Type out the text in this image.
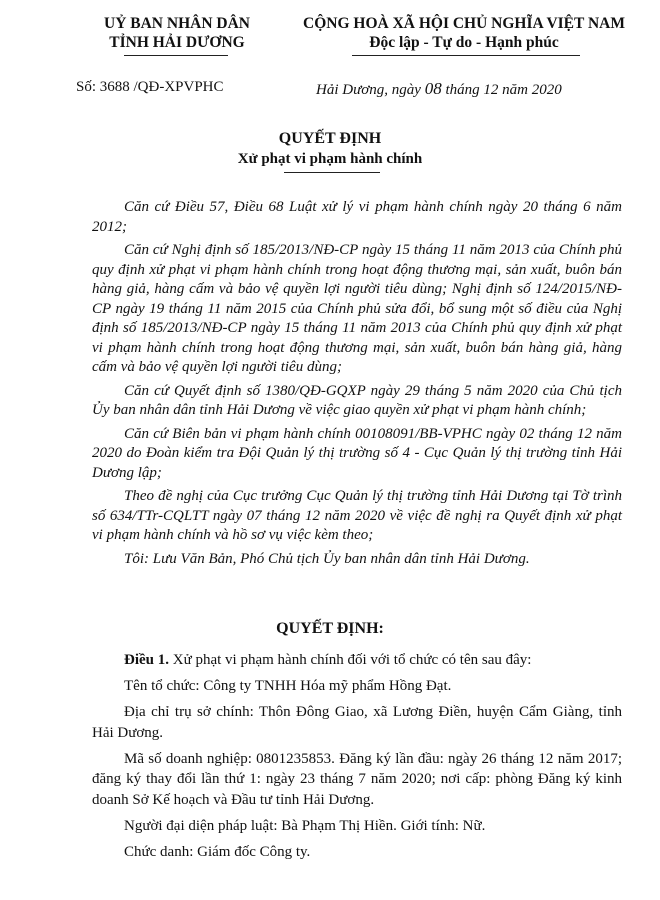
UỶ BAN NHÂN DÂN
TỈNH HẢI DƯƠNG
CỘNG HOÀ XÃ HỘI CHỦ NGHĨA VIỆT NAM
Độc lập - Tự do - Hạnh phúc
Số: 3688 /QĐ-XPVPHC	Hải Dương, ngày 08 tháng 12 năm 2020
QUYẾT ĐỊNH
Xử phạt vi phạm hành chính

Căn cứ Điều 57, Điều 68 Luật xử lý vi phạm hành chính ngày 20 tháng 6 năm 2012;

Căn cứ Nghị định số 185/2013/NĐ-CP ngày 15 tháng 11 năm 2013 của Chính phủ quy định xử phạt vi phạm hành chính trong hoạt động thương mại, sản xuất, buôn bán hàng giả, hàng cấm và bảo vệ quyền lợi người tiêu dùng; Nghị định số 124/2015/NĐ-CP ngày 19 tháng 11 năm 2015 của Chính phủ sửa đổi, bổ sung một số điều của Nghị định số 185/2013/NĐ-CP ngày 15 tháng 11 năm 2013 của Chính phủ quy định xử phạt vi phạm hành chính trong hoạt động thương mại, sản xuất, buôn bán hàng giả, hàng cấm và bảo vệ quyền lợi người tiêu dùng;

Căn cứ Quyết định số 1380/QĐ-GQXP ngày 29 tháng 5 năm 2020 của Chủ tịch Ủy ban nhân dân tỉnh Hải Dương về việc giao quyền xử phạt vi phạm hành chính;

Căn cứ Biên bản vi phạm hành chính 00108091/BB-VPHC ngày 02 tháng 12 năm 2020 do Đoàn kiểm tra Đội Quản lý thị trường số 4 - Cục Quản lý thị trường tỉnh Hải Dương lập;

Theo đề nghị của Cục trưởng Cục Quản lý thị trường tỉnh Hải Dương tại Tờ trình số 634/TTr-CQLTT ngày 07 tháng 12 năm 2020 về việc đề nghị ra Quyết định xử phạt vi phạm hành chính và hồ sơ vụ việc kèm theo;

Tôi: Lưu Văn Bản, Phó Chủ tịch Ủy ban nhân dân tỉnh Hải Dương.

QUYẾT ĐỊNH:

Điều 1. Xử phạt vi phạm hành chính đối với tổ chức có tên sau đây:

Tên tổ chức: Công ty TNHH Hóa mỹ phẩm Hồng Đạt.

Địa chỉ trụ sở chính: Thôn Đông Giao, xã Lương Điền, huyện Cẩm Giàng, tỉnh Hải Dương.

Mã số doanh nghiệp: 0801235853. Đăng ký lần đầu: ngày 26 tháng 12 năm 2017; đăng ký thay đổi lần thứ 1: ngày 23 tháng 7 năm 2020; nơi cấp: phòng Đăng ký kinh doanh Sở Kế hoạch và Đầu tư tỉnh Hải Dương.

Người đại diện pháp luật: Bà Phạm Thị Hiền. Giới tính: Nữ.

Chức danh: Giám đốc Công ty.
